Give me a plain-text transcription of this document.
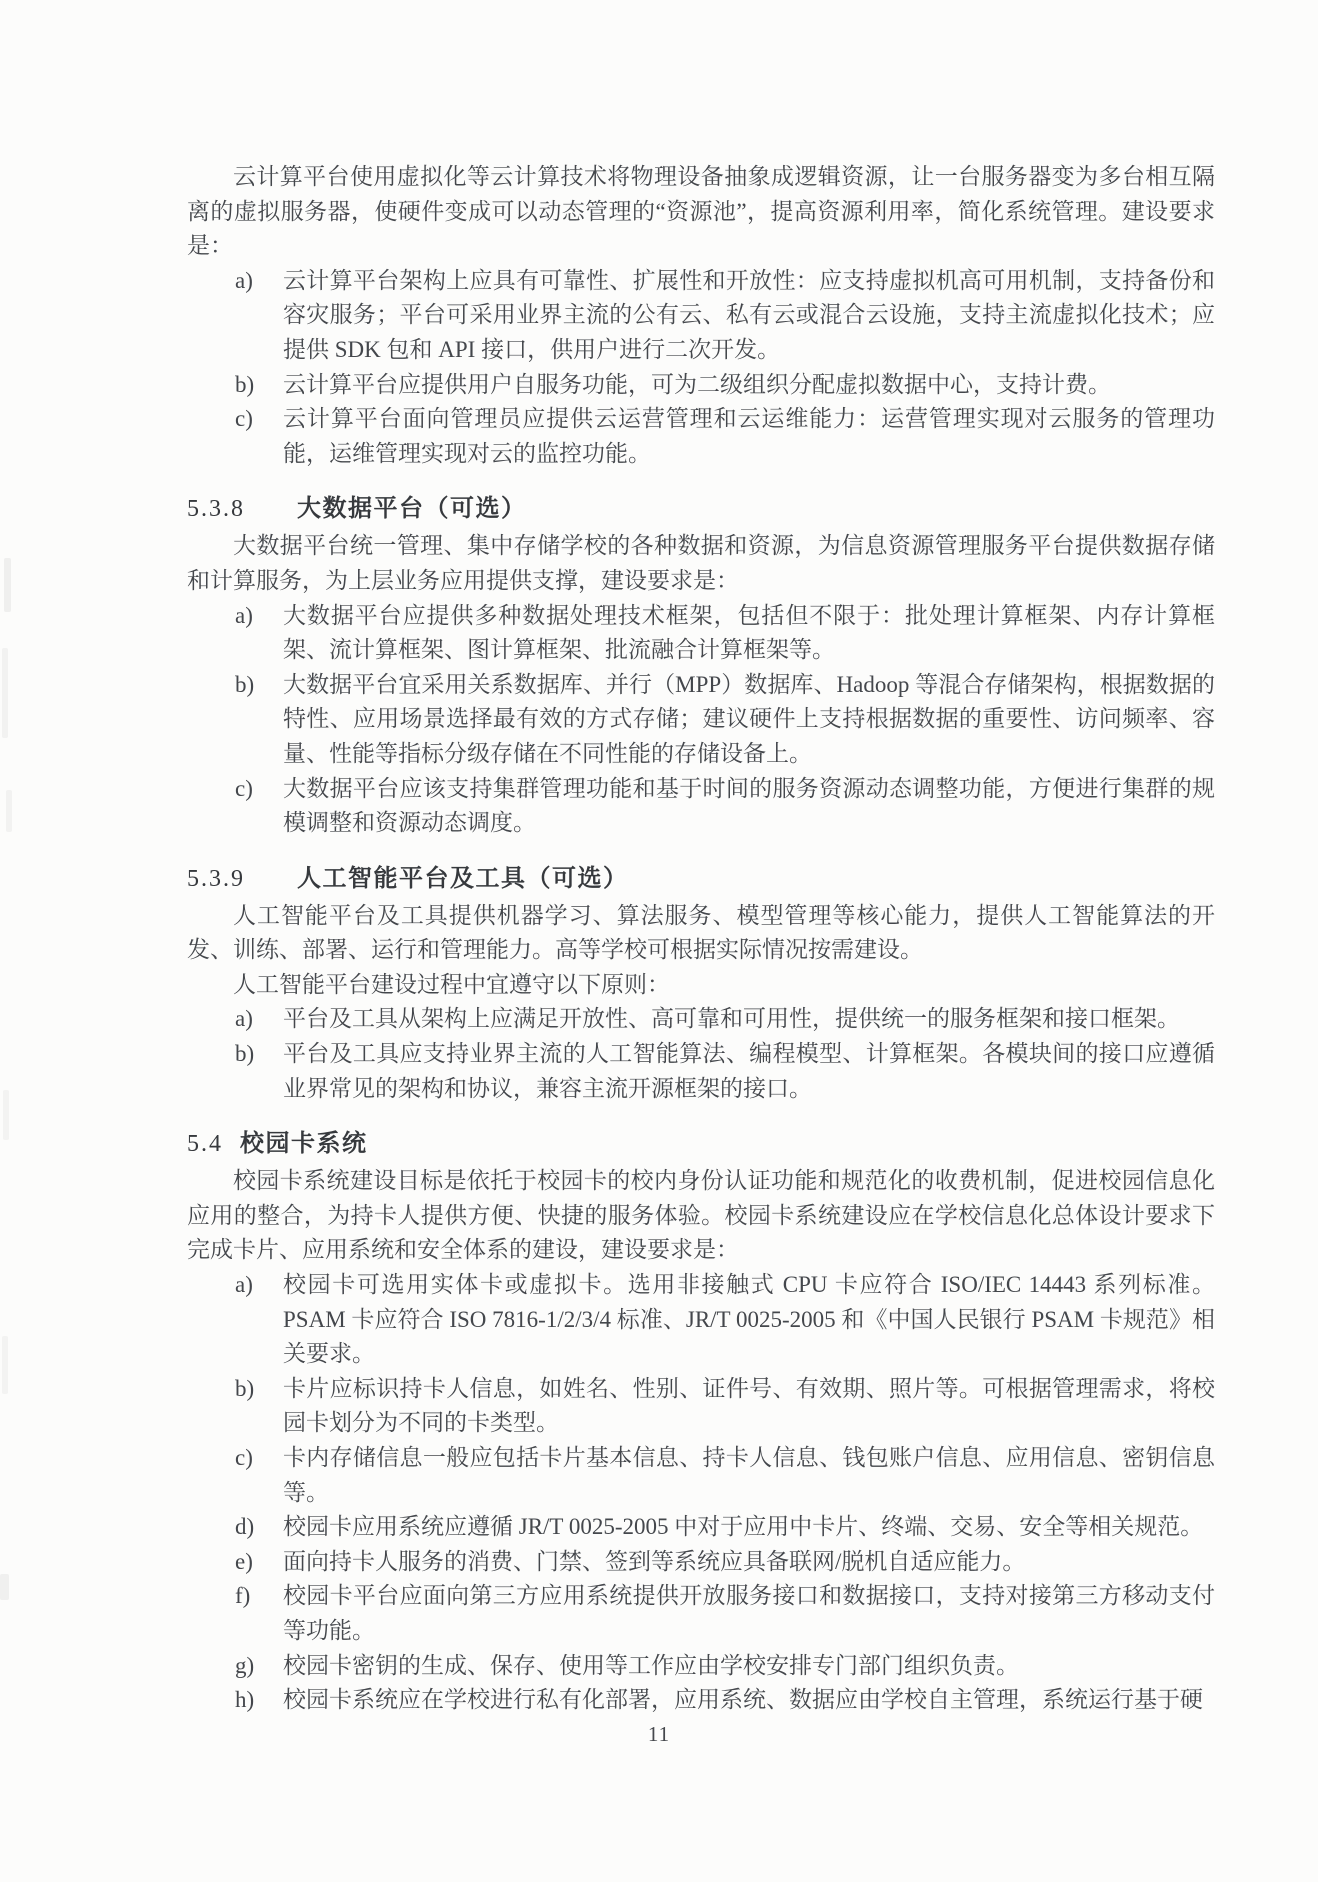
云计算平台使用虚拟化等云计算技术将物理设备抽象成逻辑资源，让一台服务器变为多台相互隔离的虚拟服务器，使硬件变成可以动态管理的“资源池”，提高资源利用率，简化系统管理。建设要求是：

a)	云计算平台架构上应具有可靠性、扩展性和开放性：应支持虚拟机高可用机制，支持备份和容灾服务；平台可采用业界主流的公有云、私有云或混合云设施，支持主流虚拟化技术；应提供 SDK 包和 API 接口，供用户进行二次开发。
b)	云计算平台应提供用户自服务功能，可为二级组织分配虚拟数据中心，支持计费。
c)	云计算平台面向管理员应提供云运营管理和云运维能力：运营管理实现对云服务的管理功能，运维管理实现对云的监控功能。
5.3.8 大数据平台（可选）

大数据平台统一管理、集中存储学校的各种数据和资源，为信息资源管理服务平台提供数据存储和计算服务，为上层业务应用提供支撑，建设要求是：

a)	大数据平台应提供多种数据处理技术框架，包括但不限于：批处理计算框架、内存计算框架、流计算框架、图计算框架、批流融合计算框架等。
b)	大数据平台宜采用关系数据库、并行（MPP）数据库、Hadoop 等混合存储架构，根据数据的特性、应用场景选择最有效的方式存储；建议硬件上支持根据数据的重要性、访问频率、容量、性能等指标分级存储在不同性能的存储设备上。
c)	大数据平台应该支持集群管理功能和基于时间的服务资源动态调整功能，方便进行集群的规模调整和资源动态调度。
5.3.9 人工智能平台及工具（可选）

人工智能平台及工具提供机器学习、算法服务、模型管理等核心能力，提供人工智能算法的开发、训练、部署、运行和管理能力。高等学校可根据实际情况按需建设。

人工智能平台建设过程中宜遵守以下原则：

a)	平台及工具从架构上应满足开放性、高可靠和可用性，提供统一的服务框架和接口框架。
b)	平台及工具应支持业界主流的人工智能算法、编程模型、计算框架。各模块间的接口应遵循业界常见的架构和协议，兼容主流开源框架的接口。
5.4 校园卡系统

校园卡系统建设目标是依托于校园卡的校内身份认证功能和规范化的收费机制，促进校园信息化应用的整合，为持卡人提供方便、快捷的服务体验。校园卡系统建设应在学校信息化总体设计要求下完成卡片、应用系统和安全体系的建设，建设要求是：

a)	校园卡可选用实体卡或虚拟卡。选用非接触式 CPU 卡应符合 ISO/IEC 14443 系列标准。PSAM 卡应符合 ISO 7816-1/2/3/4 标准、JR/T 0025-2005 和《中国人民银行 PSAM 卡规范》相关要求。
b)	卡片应标识持卡人信息，如姓名、性别、证件号、有效期、照片等。可根据管理需求，将校园卡划分为不同的卡类型。
c)	卡内存储信息一般应包括卡片基本信息、持卡人信息、钱包账户信息、应用信息、密钥信息等。
d)	校园卡应用系统应遵循 JR/T 0025-2005 中对于应用中卡片、终端、交易、安全等相关规范。
e)	面向持卡人服务的消费、门禁、签到等系统应具备联网/脱机自适应能力。
f)	校园卡平台应面向第三方应用系统提供开放服务接口和数据接口，支持对接第三方移动支付等功能。
g)	校园卡密钥的生成、保存、使用等工作应由学校安排专门部门组织负责。
h)	校园卡系统应在学校进行私有化部署，应用系统、数据应由学校自主管理，系统运行基于硬
11
